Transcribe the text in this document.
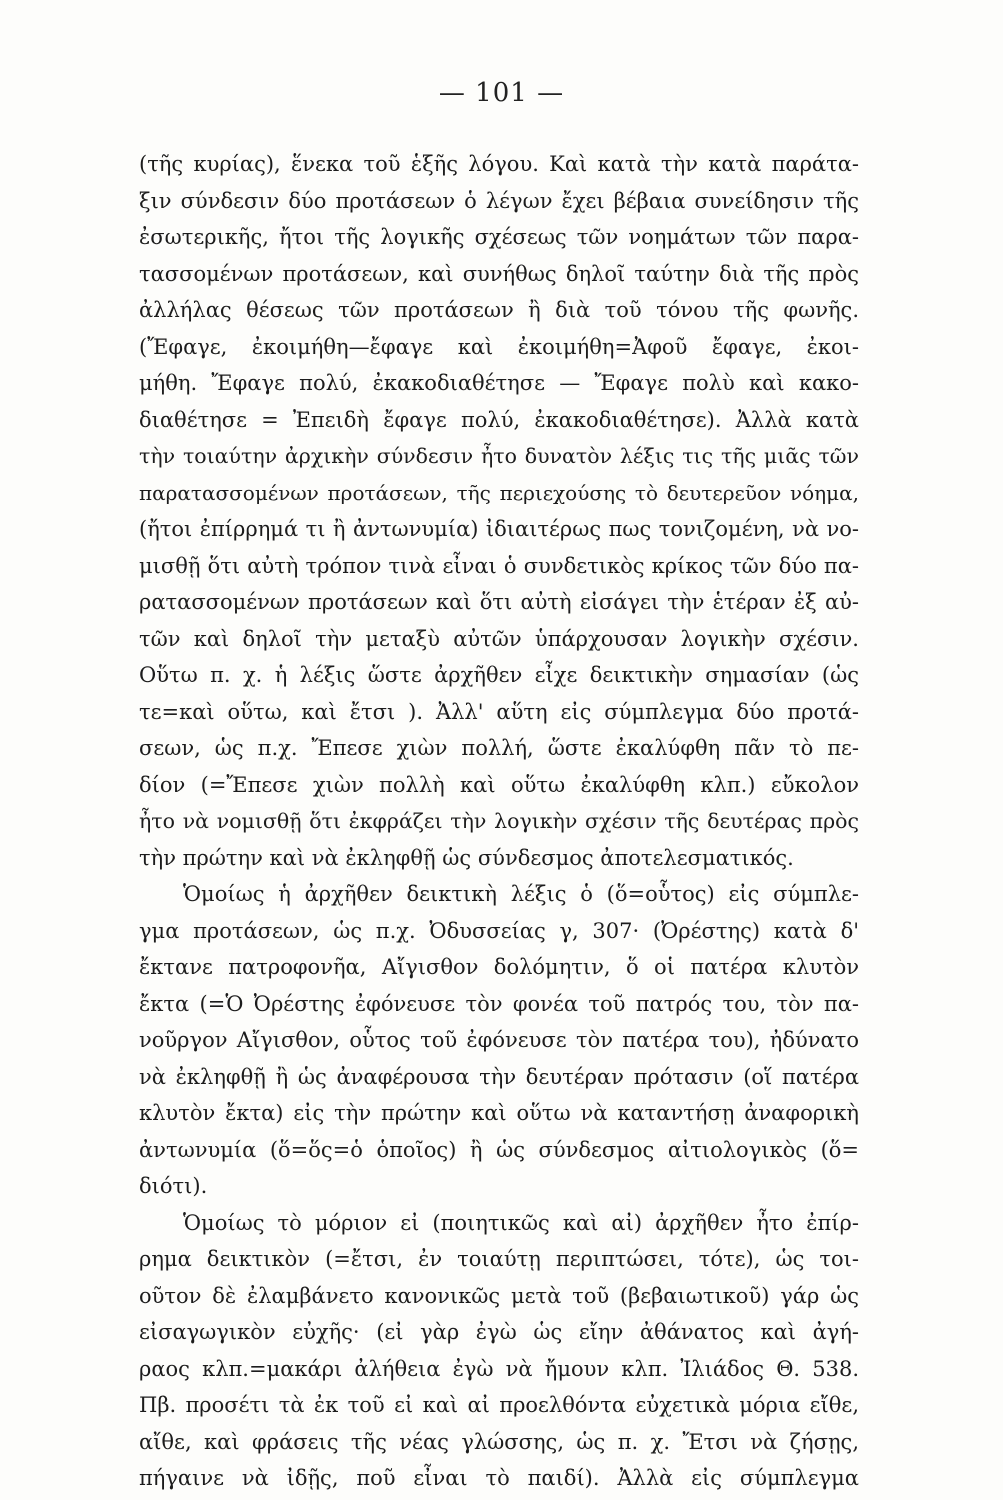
— 101 —
(τῆς κυρίας), ἕνεκα τοῦ ἑξῆς λόγου. Καὶ κατὰ τὴν κατὰ παράτα-
ξιν σύνδεσιν δύο προτάσεων ὁ λέγων ἔχει βέβαια συνείδησιν τῆς
ἐσωτερικῆς, ἤτοι τῆς λογικῆς σχέσεως τῶν νοημάτων τῶν παρα-
τασσομένων προτάσεων, καὶ συνήθως δηλοῖ ταύτην διὰ τῆς πρὸς
ἀλλήλας θέσεως τῶν προτάσεων ἢ διὰ τοῦ τόνου τῆς φωνῆς.
(Ἔφαγε, ἐκοιμήθη—ἔφαγε καὶ ἐκοιμήθη=Ἀφοῦ ἔφαγε, ἐκοι-
μήθη. Ἔφαγε πολύ, ἐκακοδιαθέτησε — Ἔφαγε πολὺ καὶ κακο-
διαθέτησε = Ἐπειδὴ ἔφαγε πολύ, ἐκακοδιαθέτησε). Ἀλλὰ κατὰ
τὴν τοιαύτην ἀρχικὴν σύνδεσιν ἦτο δυνατὸν λέξις τις τῆς μιᾶς τῶν
παρατασσομένων προτάσεων, τῆς περιεχούσης τὸ δευτερεῦον νόημα,
(ἤτοι ἐπίρρημά τι ἢ ἀντωνυμία) ἰδιαιτέρως πως τονιζομένη, νὰ νο-
μισθῇ ὅτι αὐτὴ τρόπον τινὰ εἶναι ὁ συνδετικὸς κρίκος τῶν δύο πα-
ρατασσομένων προτάσεων καὶ ὅτι αὐτὴ εἰσάγει τὴν ἑτέραν ἐξ αὐ-
τῶν καὶ δηλοῖ τὴν μεταξὺ αὐτῶν ὑπάρχουσαν λογικὴν σχέσιν.
Οὕτω π. χ. ἡ λέξις ὥστε ἀρχῆθεν εἶχε δεικτικὴν σημασίαν (ὡς
τε=καὶ οὕτω, καὶ ἔτσι ). Ἀλλ' αὕτη εἰς σύμπλεγμα δύο προτά-
σεων, ὡς π.χ. Ἔπεσε χιὼν πολλή, ὥστε ἐκαλύφθη πᾶν τὸ πε-
δίον (=Ἔπεσε χιὼν πολλὴ καὶ οὕτω ἐκαλύφθη κλπ.) εὔκολον
ἦτο νὰ νομισθῇ ὅτι ἐκφράζει τὴν λογικὴν σχέσιν τῆς δευτέρας πρὸς
τὴν πρώτην καὶ νὰ ἐκληφθῇ ὡς σύνδεσμος ἀποτελεσματικός.
Ὁμοίως ἡ ἀρχῆθεν δεικτικὴ λέξις ὁ (ὅ=οὗτος) εἰς σύμπλε-
γμα προτάσεων, ὡς π.χ. Ὀδυσσείας γ, 307· (Ὀρέστης) κατὰ δ'
ἔκτανε πατροφονῆα, Αἴγισθον δολόμητιν, ὅ οἱ πατέρα κλυτὸν
ἔκτα (=Ὁ Ὀρέστης ἐφόνευσε τὸν φονέα τοῦ πατρός του, τὸν πα-
νοῦργον Αἴγισθον, οὗτος τοῦ ἐφόνευσε τὸν πατέρα του), ἠδύνατο
νὰ ἐκληφθῇ ἢ ὡς ἀναφέρουσα τὴν δευτέραν πρότασιν (οἵ πατέρα
κλυτὸν ἔκτα) εἰς τὴν πρώτην καὶ οὕτω νὰ καταντήσῃ ἀναφορικὴ
ἀντωνυμία (ὅ=ὅς=ὁ ὁποῖος) ἢ ὡς σύνδεσμος αἰτιολογικὸς (ὅ=
διότι).
Ὁμοίως τὸ μόριον εἰ (ποιητικῶς καὶ αἰ) ἀρχῆθεν ἦτο ἐπίρ-
ρημα δεικτικὸν (=ἔτσι, ἐν τοιαύτῃ περιπτώσει, τότε), ὡς τοι-
οῦτον δὲ ἐλαμβάνετο κανονικῶς μετὰ τοῦ (βεβαιωτικοῦ) γάρ ὡς
εἰσαγωγικὸν εὐχῆς· (εἰ γὰρ ἐγὼ ὡς εἴην ἀθάνατος καὶ ἀγή-
ραος κλπ.=μακάρι ἀλήθεια ἐγὼ νὰ ἤμουν κλπ. Ἰλιάδος Θ. 538.
Πβ. προσέτι τὰ ἐκ τοῦ εἰ καὶ αἰ προελθόντα εὐχετικὰ μόρια εἴθε,
αἴθε, καὶ φράσεις τῆς νέας γλώσσης, ὡς π. χ. Ἔτσι νὰ ζήσῃς,
πήγαινε νὰ ἰδῇς, ποῦ εἶναι τὸ παιδί). Ἀλλὰ εἰς σύμπλεγμα
